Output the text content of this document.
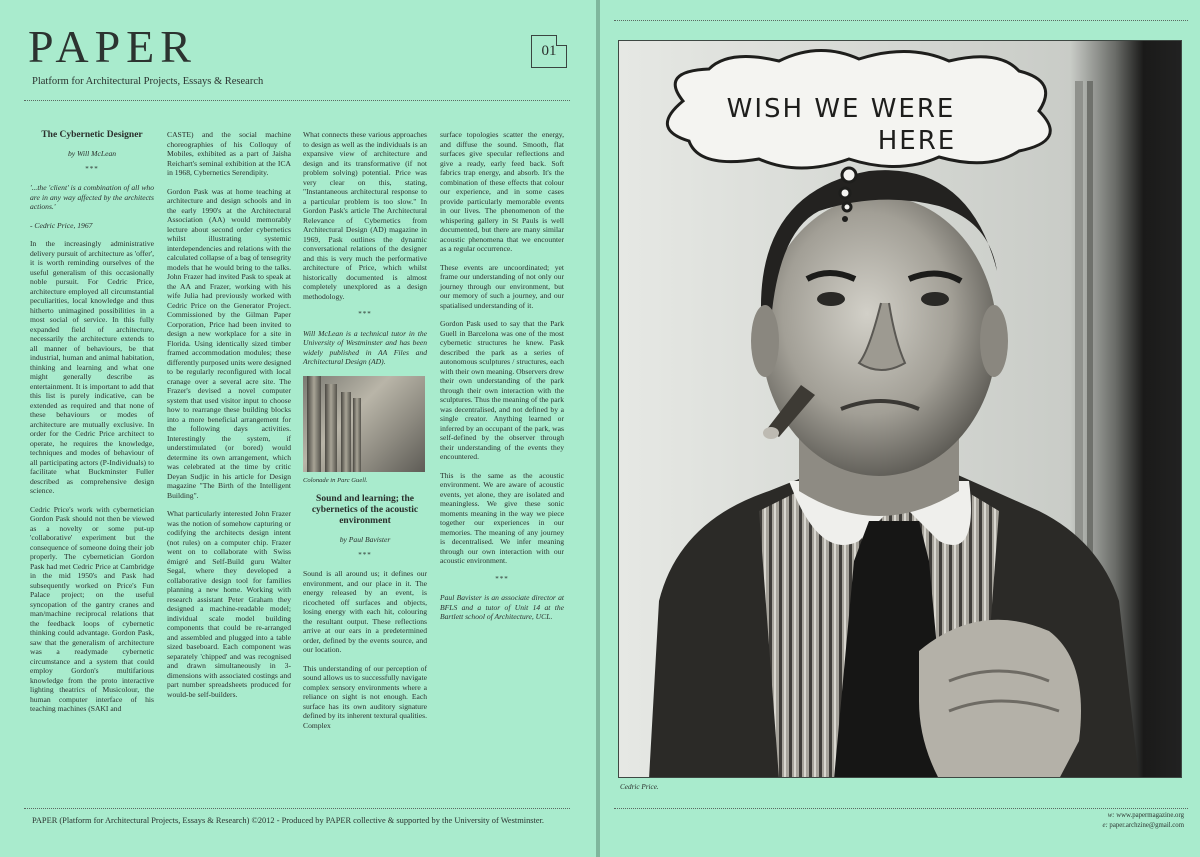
PAPER
Platform for Architectural Projects, Essays & Research
01
The Cybernetic Designer
by Will McLean
***

'...the 'client' is a combination of all who are in any way affected by the architects actions.'

- Cedric Price, 1967

In the increasingly administrative delivery pursuit of architecture as 'offer', it is worth reminding ourselves of the useful generalism of this occasionally noble pursuit. For Cedric Price, architecture employed all circumstantial peculiarities, local knowledge and thus hitherto unimagined possibilities in a most social of service. In this fully expanded field of architecture, necessarily the architecture extends to all manner of behaviours, be that industrial, human and animal habitation, thinking and learning and what one might generally describe as entertainment. It is important to add that this list is purely indicative, can be extended as required and that none of these behaviours or modes of architecture are mutually exclusive. In order for the Cedric Price architect to operate, he requires the knowledge, techniques and modes of behaviour of all participating actors (P-Individuals) to facilitate what Buckminster Fuller described as comprehensive design science.

Cedric Price's work with cybernetician Gordon Pask should not then be viewed as a novelty or some put-up 'collaborative' experiment but the consequence of someone doing their job properly. The cybernetician Gordon Pask had met Cedric Price at Cambridge in the mid 1950's and Pask had subsequently worked on Price's Fun Palace project; on the useful syncopation of the gantry cranes and man/machine reciprocal relations that the feedback loops of cybernetic thinking could advantage. Gordon Pask, saw that the generalism of architecture was a readymade cybernetic circumstance and a system that could employ Gordon's multifarious knowledge from the proto interactive lighting theatrics of Musicolour, the human computer interface of his teaching machines (SAKI and

CASTE) and the social machine choreographies of his Colloquy of Mobiles, exhibited as a part of Jaisha Reichart's seminal exhibition at the ICA in 1968, Cybernetics Serendipity.

Gordon Pask was at home teaching at architecture and design schools and in the early 1990's at the Architectural Association (AA) would memorably lecture about second order cybernetics whilst illustrating systemic interdependencies and relations with the calculated collapse of a bag of tensegrity models that he would bring to the talks. John Frazer had invited Pask to speak at the AA and Frazer, working with his wife Julia had previously worked with Cedric Price on the Generator Project. Commissioned by the Gilman Paper Corporation, Price had been invited to design a new workplace for a site in Florida. Using identically sized timber framed accommodation modules; these differently purposed units were designed to be regularly reconfigured with local cranage over a several acre site. The Frazer's devised a novel computer system that used visitor input to choose how to rearrange these building blocks into a more beneficial arrangement for the following days activities. Interestingly the system, if understimulated (or bored) would determine its own arrangement, which was celebrated at the time by critic Deyan Sudjic in his article for Design magazine "The Birth of the Intelligent Building".

What particularly interested John Frazer was the notion of somehow capturing or codifying the architects design intent (not rules) on a computer chip. Frazer went on to collaborate with Swiss émigré and Self-Build guru Walter Segal, where they developed a collaborative design tool for families planning a new home. Working with research assistant Peter Graham they designed a machine-readable model; individual scale model building components that could be re-arranged and assembled and plugged into a table sized baseboard. Each component was separately 'chipped' and was recognised and drawn simultaneously in 3-dimensions with associated costings and part number spreadsheets produced for would-be self-builders.

What connects these various approaches to design as well as the individuals is an expansive view of architecture and design and its transformative (if not problem solving) potential. Price was very clear on this, stating, "Instantaneous architectural response to a particular problem is too slow." In Gordon Pask's article The Architectural Relevance of Cybernetics from Architectural Design (AD) magazine in 1969, Pask outlines the dynamic conversational relations of the designer and this is very much the performative architecture of Price, which whilst historically documented is almost completely unexplored as a design methodology.

***

Will McLean is a technical tutor in the University of Westminster and has been widely published in AA Files and Architectural Design (AD).

Colonade in Parc Guell.

Sound and learning; the cybernetics of the acoustic environment
by Paul Bavister
***

Sound is all around us; it defines our environment, and our place in it. The energy released by an event, is ricocheted off surfaces and objects, losing energy with each hit, colouring the resultant output. These reflections arrive at our ears in a predetermined order, defined by the events source, and our location.

This understanding of our perception of sound allows us to successfully navigate complex sensory environments where a reliance on sight is not enough. Each surface has its own auditory signature defined by its inherent textural qualities. Complex

surface topologies scatter the energy, and diffuse the sound. Smooth, flat surfaces give specular reflections and give a ready, early feed back. Soft fabrics trap energy, and absorb. It's the combination of these effects that colour our experience, and in some cases provide particularly memorable events in our lives. The phenomenon of the whispering gallery in St Pauls is well documented, but there are many similar acoustic phenomena that we encounter as a regular occurrence.

These events are uncoordinated; yet frame our understanding of not only our journey through our environment, but our memory of such a journey, and our spatialised understanding of it.

Gordon Pask used to say that the Park Guell in Barcelona was one of the most cybernetic structures he knew. Pask described the park as a series of autonomous sculptures / structures, each with their own meaning. Observers drew their own understanding of the park through their own interaction with the sculptures. Thus the meaning of the park was decentralised, and not defined by a single creator. Anything learned or inferred by an occupant of the park, was self-defined by the observer through their understanding of the events they encountered.

This is the same as the acoustic environment. We are aware of acoustic events, yet alone, they are isolated and meaningless. We give these sonic moments meaning in the way we piece together our experiences in our memories. The meaning of any journey is decentralised. We infer meaning through our own interaction with our acoustic environment.

***

Paul Bavister is an associate director at BFLS and a tutor of Unit 14 at the Bartlett school of Architecture, UCL.

PAPER (Platform for Architectural Projects, Essays & Research) ©2012 - Produced by PAPER collective & supported by the University of Westminster.
WISH WE WERE
HERE
Cedric Price.
w: www.papermagazine.org
e: paper.archzine@gmail.com
